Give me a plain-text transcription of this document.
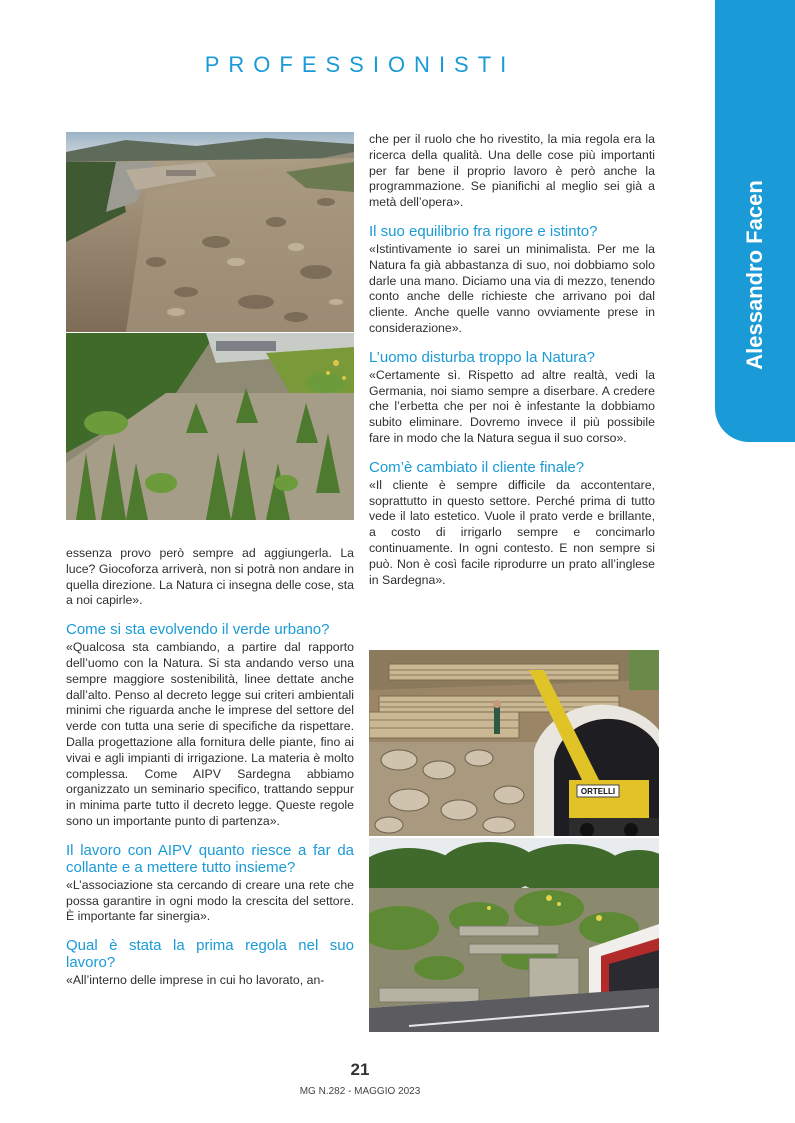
PROFESSIONISTI
Alessandro Facen

che per il ruolo che ho rivestito, la mia regola era la ricerca della qualità. Una delle cose più importanti per far bene il proprio lavoro è però anche la programmazione. Se pianifichi al meglio sei già a metà dell’opera».

Il suo equilibrio fra rigore e istinto?

«Istintivamente io sarei un minimalista. Per me la Natura fa già abbastanza di suo, noi dobbiamo solo darle una mano. Diciamo una via di mezzo, tenendo conto anche delle richieste che arrivano poi dal cliente. Anche quelle vanno ovviamente prese in considerazione».

L’uomo disturba troppo la Natura?

«Certamente sì. Rispetto ad altre realtà, vedi la Germania, noi siamo sempre a diserbare. A credere che l’erbetta che per noi è infestante la dobbiamo subito eliminare. Dovremo invece il più possibile fare in modo che la Natura segua il suo corso».

Com’è cambiato il cliente finale?

«Il cliente è sempre difficile da accontentare, soprattutto in questo settore. Perché prima di tutto vede il lato estetico. Vuole il prato verde e brillante, a costo di irrigarlo sempre e concimarlo continuamente. In ogni contesto. E non sempre si può. Non è così facile riprodurre un prato all’inglese in Sardegna».

essenza provo però sempre ad aggiungerla. La luce? Giocoforza arriverà, non si potrà non andare in quella direzione. La Natura ci insegna delle cose, sta a noi capirle».

Come si sta evolvendo il verde urbano?

«Qualcosa sta cambiando, a partire dal rapporto dell’uomo con la Natura. Si sta andando verso una sempre maggiore sostenibilità, linee dettate anche dall’alto. Penso al decreto legge sui criteri ambientali minimi che riguarda anche le imprese del settore del verde con tutta una serie di specifiche da rispettare. Dalla progettazione alla fornitura delle piante, fino ai vivai e agli impianti di irrigazione. La materia è molto complessa. Come AIPV Sardegna abbiamo organizzato un seminario specifico, trattando seppur in minima parte tutto il decreto legge. Queste regole sono un importante punto di partenza».

Il lavoro con AIPV quanto riesce a far da collante e a mettere tutto insieme?

«L’associazione sta cercando di creare una rete che possa garantire in ogni modo la crescita del settore. È importante far sinergia».

Qual è stata la prima regola nel suo lavoro?

«All’interno delle imprese in cui ho lavorato, an-

ORTELLI
21
MG N.282 - MAGGIO 2023
